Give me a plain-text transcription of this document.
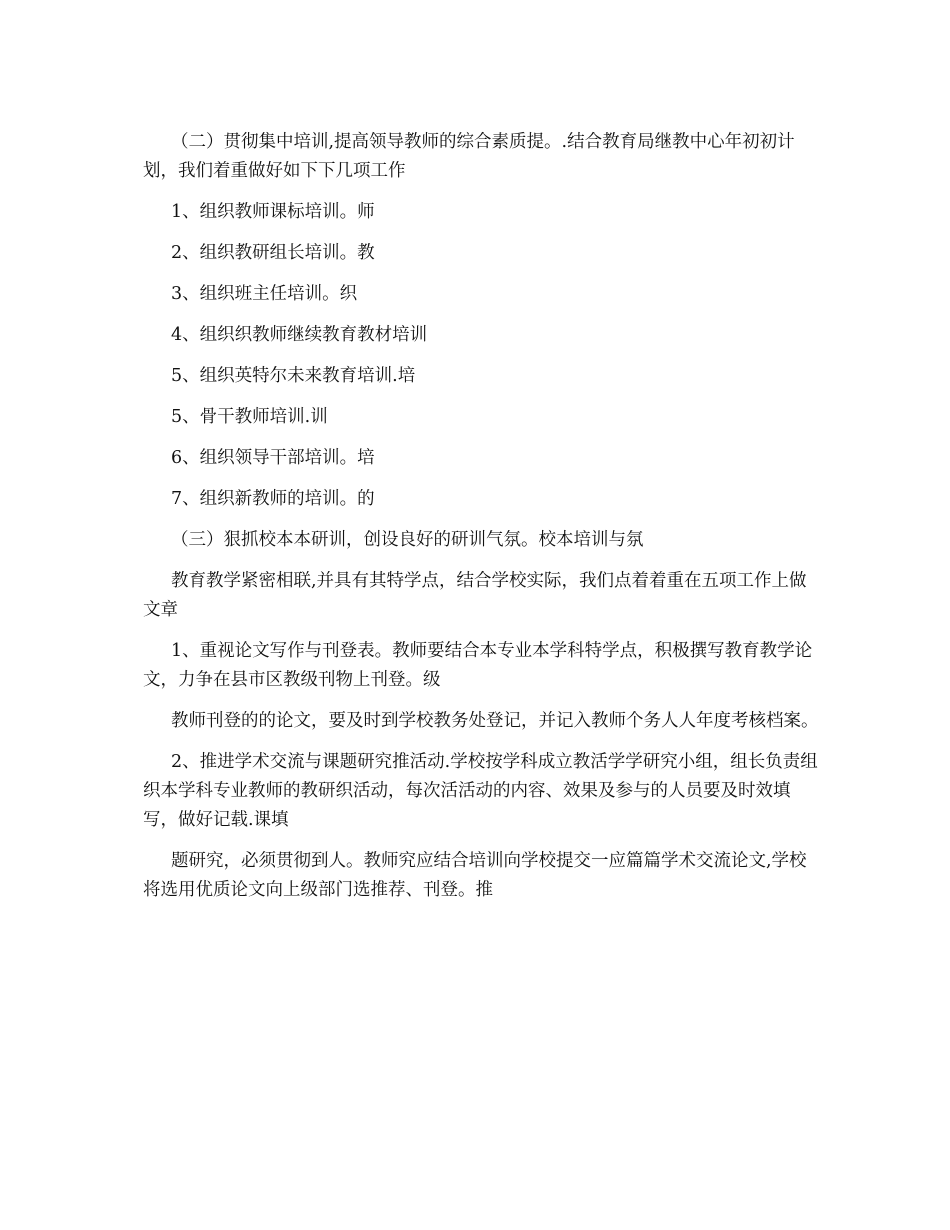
（二）贯彻集中培训,提高领导教师的综合素质提。.结合教育局继教中心年初初计划，我们着重做好如下下几项工作

1、组织教师课标培训。师

2、组织教研组长培训。教

3、组织班主任培训。织

4、组织织教师继续教育教材培训

5、组织英特尔未来教育培训.培

5、骨干教师培训.训

6、组织领导干部培训。培

7、组织新教师的培训。的

（三）狠抓校本本研训，创设良好的研训气氛。校本培训与氛

教育教学紧密相联,并具有其特学点，结合学校实际，我们点着着重在五项工作上做文章

1、重视论文写作与刊登表。教师要结合本专业本学科特学点，积极撰写教育教学论文，力争在县市区教级刊物上刊登。级

教师刊登的的论文，要及时到学校教务处登记，并记入教师个务人人年度考核档案。

2、推进学术交流与课题研究推活动.学校按学科成立教活学学研究小组，组长负责组织本学科专业教师的教研织活动，每次活活动的内容、效果及参与的人员要及时效填写，做好记载.课填

题研究，必须贯彻到人。教师究应结合培训向学校提交一应篇篇学术交流论文,学校将选用优质论文向上级部门选推荐、刊登。推
